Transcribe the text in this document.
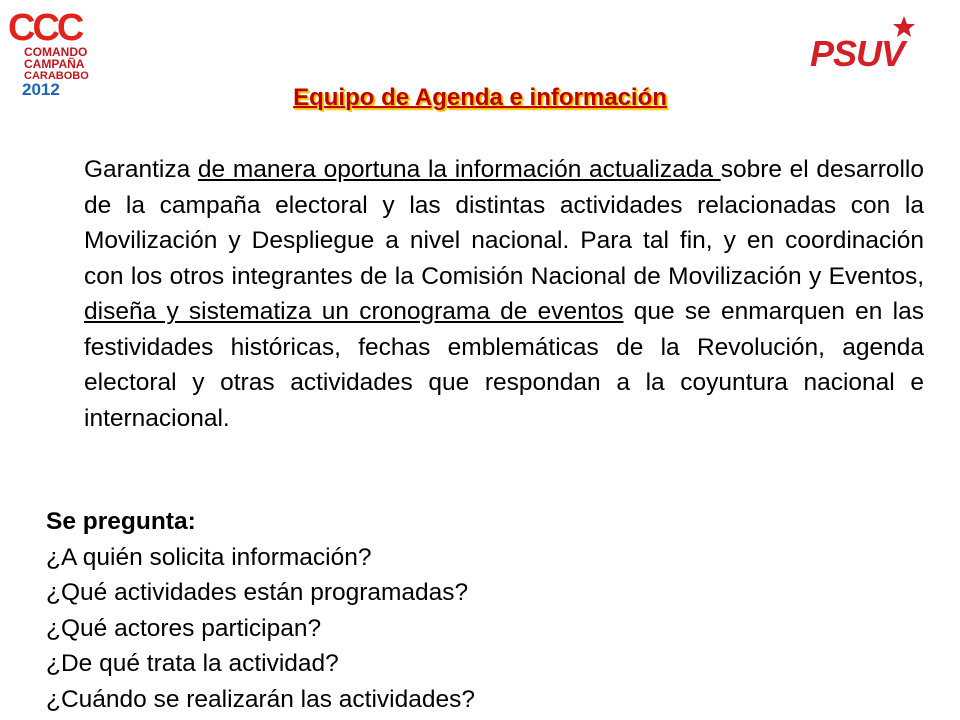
CCC
COMANDO
CAMPAÑA
CARABOBO
2012
PSUV
Equipo de Agenda e información
Garantiza de manera oportuna la información actualizada sobre el desarrollo de la campaña electoral y las distintas actividades relacionadas con la Movilización y Despliegue a nivel nacional. Para tal fin, y en coordinación con los otros integrantes de la Comisión Nacional de Movilización y Eventos, diseña y sistematiza un cronograma de eventos que se enmarquen en las festividades históricas, fechas emblemáticas de la Revolución, agenda electoral y otras actividades que respondan a la coyuntura nacional e internacional.
Se pregunta:
¿A quién solicita información?
¿Qué actividades están programadas?
¿Qué actores participan?
¿De qué trata la actividad?
¿Cuándo se realizarán las actividades?
